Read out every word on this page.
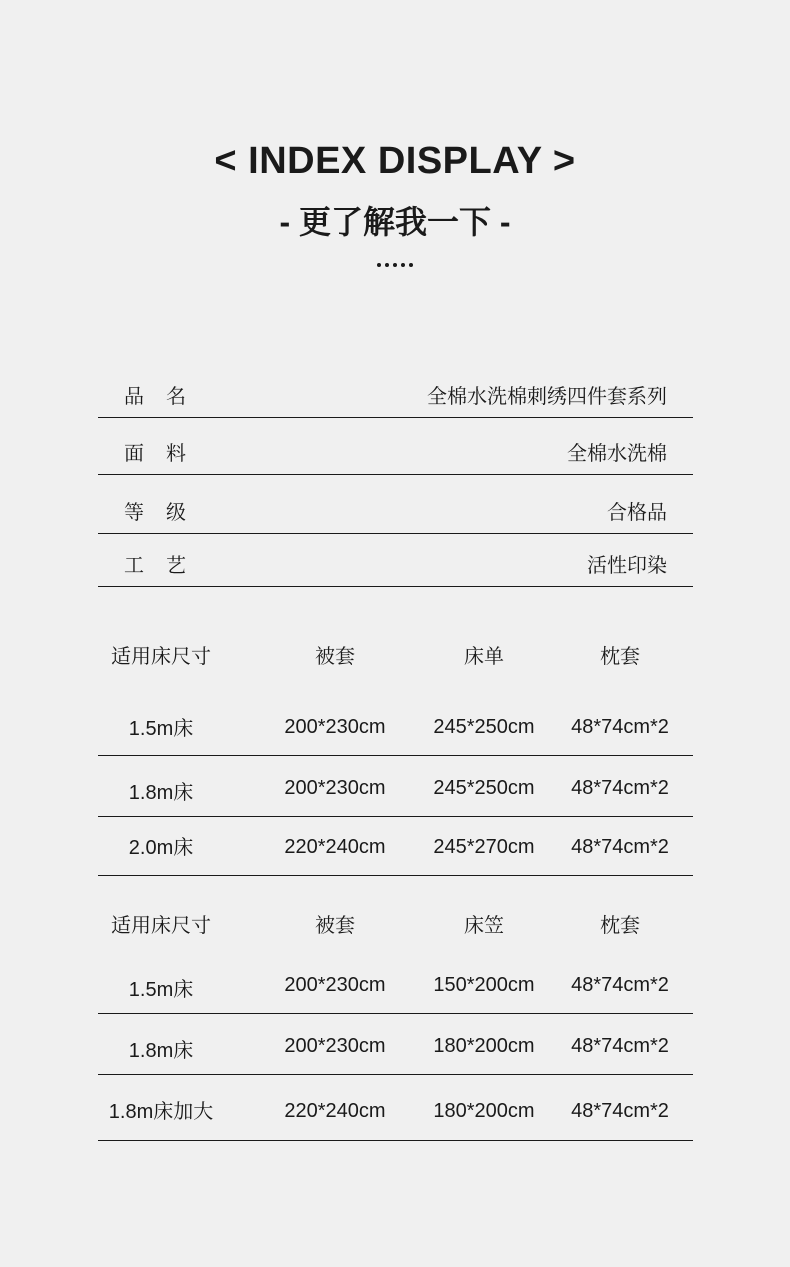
< INDEX DISPLAY >
- 更了解我一下 -
品名	全棉水洗棉刺绣四件套系列
面料	全棉水洗棉
等级	合格品
工艺	活性印染
适用床尺寸	被套	床单	枕套
1.5m床	200*230cm	245*250cm	48*74cm*2
1.8m床	200*230cm	245*250cm	48*74cm*2
2.0m床	220*240cm	245*270cm	48*74cm*2
适用床尺寸	被套	床笠	枕套
1.5m床	200*230cm	150*200cm	48*74cm*2
1.8m床	200*230cm	180*200cm	48*74cm*2
1.8m床加大	220*240cm	180*200cm	48*74cm*2
